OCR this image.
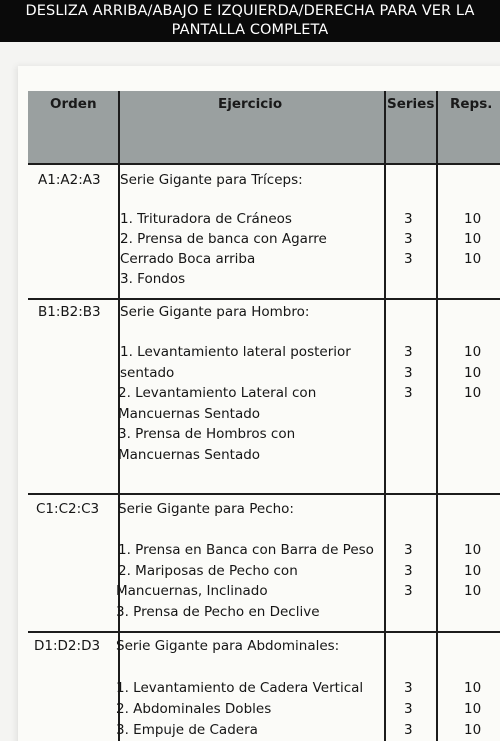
DESLIZA ARRIBA/ABAJO E IZQUIERDA/DERECHA PARA VER LA
PANTALLA COMPLETA
Orden	Ejercicio	Series Reps.
A1:A2:A3 Serie Gigante para Tríceps:
1. Trituradora de Cráneos
2. Prensa de banca con Agarre
Cerrado Boca arriba
3. Fondos
3
3
3
10
10
10
B1:B2:B3 Serie Gigante para Hombro:
1. Levantamiento lateral posterior
sentado
2. Levantamiento Lateral con
Mancuernas Sentado
3. Prensa de Hombros con
Mancuernas Sentado
3
3
3
10
10
10
C1:C2:C3 Serie Gigante para Pecho:
1. Prensa en Banca con Barra de Peso
2. Mariposas de Pecho con
Mancuernas, Inclinado
3. Prensa de Pecho en Declive
3
3
3
10
10
10
D1:D2:D3 Serie Gigante para Abdominales:
1. Levantamiento de Cadera Vertical
2. Abdominales Dobles
3. Empuje de Cadera
3
3
3
10
10
10
